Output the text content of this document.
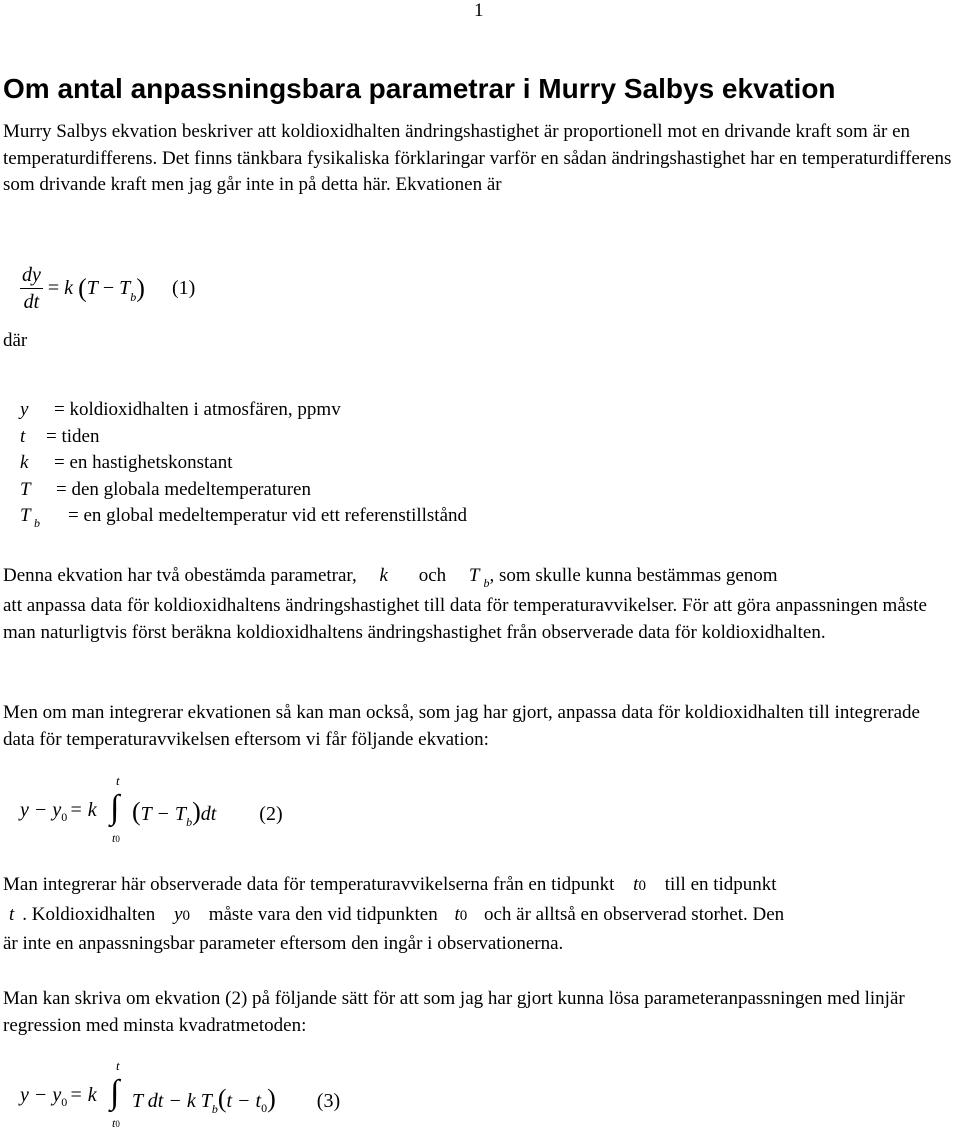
1
Om antal anpassningsbara parametrar i Murry Salbys ekvation
Murry Salbys ekvation beskriver att koldioxidhalten ändringshastighet är proportionell mot en drivande kraft som är en temperaturdifferens. Det finns tänkbara fysikaliska förklaringar varför en sådan ändringshastighet har en temperaturdifferens som drivande kraft men jag går inte in på detta här. Ekvationen är
$\frac{dy}{dt} = k$ $(T - T_b)$ (1)
där
y = koldioxidhalten i atmosfären, ppmv
t = tiden
k = en hastighetskonstant
T = den globala medeltemperaturen
T b = en global medeltemperatur vid ett referenstillstånd
Denna ekvation har två obestämda parametrar, k och T $_b$, som skulle kunna bestämmas genom
att anpassa data för koldioxidhaltens ändringshastighet till data för temperaturavvikelser. För att göra anpassningen måste man naturligtvis först beräkna koldioxidhaltens ändringshastighet från observerade data för koldioxidhalten.
Men om man integrerar ekvationen så kan man också, som jag har gjort, anpassa data för koldioxidhalten till integrerade data för temperaturavvikelsen eftersom vi får följande ekvation:
$y - y_0 = k$
t
∫
t0
$(T - T_b)dt$ (2)
Man integrerar här observerade data för temperaturavvikelserna från en tidpunkt t0 till en tidpunkt
t . Koldioxidhalten y0 måste vara den vid tidpunkten t0 och är alltså en observerad storhet. Den
är inte en anpassningsbar parameter eftersom den ingår i observationerna.
Man kan skriva om ekvation (2) på följande sätt för att som jag har gjort kunna lösa parameteranpassningen med linjär regression med minsta kvadratmetoden:
$y - y_0 = k$
t
∫
t0
T dt − k $T_b(t - t_0)$ (3)
